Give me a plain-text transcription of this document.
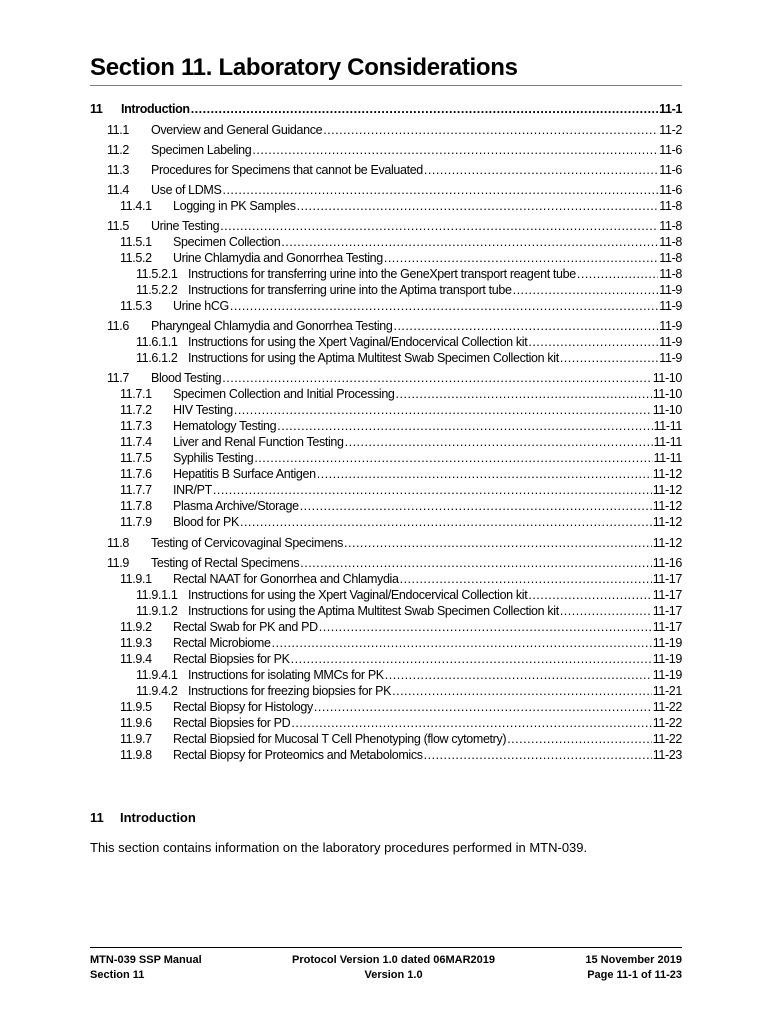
Section 11. Laboratory Considerations
11	Introduction .....	11-1
11.1	Overview and General Guidance .....	11-2
11.2	Specimen Labeling .....	11-6
11.3	Procedures for Specimens that cannot be Evaluated .....	11-6
11.4	Use of LDMS .....	11-6
11.4.1	Logging in PK Samples .....	11-8
11.5	Urine Testing .....	11-8
11.5.1	Specimen Collection .....	11-8
11.5.2	Urine Chlamydia and Gonorrhea Testing .....	11-8
11.5.2.1 Instructions for transferring urine into the GeneXpert transport reagent tube .....	11-8
11.5.2.2 Instructions for transferring urine into the Aptima transport tube .....	11-9
11.5.3	Urine hCG .....	11-9
11.6	Pharyngeal Chlamydia and Gonorrhea Testing .....	11-9
11.6.1.1 Instructions for using the Xpert Vaginal/Endocervical Collection kit .....	11-9
11.6.1.2 Instructions for using the Aptima Multitest Swab Specimen Collection kit .....	11-9
11.7	Blood Testing .....	11-10
11.7.1	Specimen Collection and Initial Processing .....	11-10
11.7.2	HIV Testing .....	11-10
11.7.3	Hematology Testing .....	11-11
11.7.4	Liver and Renal Function Testing .....	11-11
11.7.5	Syphilis Testing .....	11-11
11.7.6	Hepatitis B Surface Antigen .....	11-12
11.7.7	INR/PT .....	11-12
11.7.8	Plasma Archive/Storage .....	11-12
11.7.9	Blood for PK .....	11-12
11.8	Testing of Cervicovaginal Specimens .....	11-12
11.9	Testing of Rectal Specimens .....	11-16
11.9.1	Rectal NAAT for Gonorrhea and Chlamydia .....	11-17
11.9.1.1 Instructions for using the Xpert Vaginal/Endocervical Collection kit .....	11-17
11.9.1.2 Instructions for using the Aptima Multitest Swab Specimen Collection kit .....	11-17
11.9.2	Rectal Swab for PK and PD .....	11-17
11.9.3	Rectal Microbiome .....	11-19
11.9.4	Rectal Biopsies for PK .....	11-19
11.9.4.1 Instructions for isolating MMCs for PK .....	11-19
11.9.4.2 Instructions for freezing biopsies for PK .....	11-21
11.9.5	Rectal Biopsy for Histology .....	11-22
11.9.6	Rectal Biopsies for PD .....	11-22
11.9.7	Rectal Biopsied for Mucosal T Cell Phenotyping (flow cytometry) .....	11-22
11.9.8	Rectal Biopsy for Proteomics and Metabolomics .....	11-23
11 Introduction
This section contains information on the laboratory procedures performed in MTN-039.
MTN-039 SSP Manual
Section 11
Protocol Version 1.0 dated 06MAR2019
Version 1.0
15 November 2019
Page 11-1 of 11-23
